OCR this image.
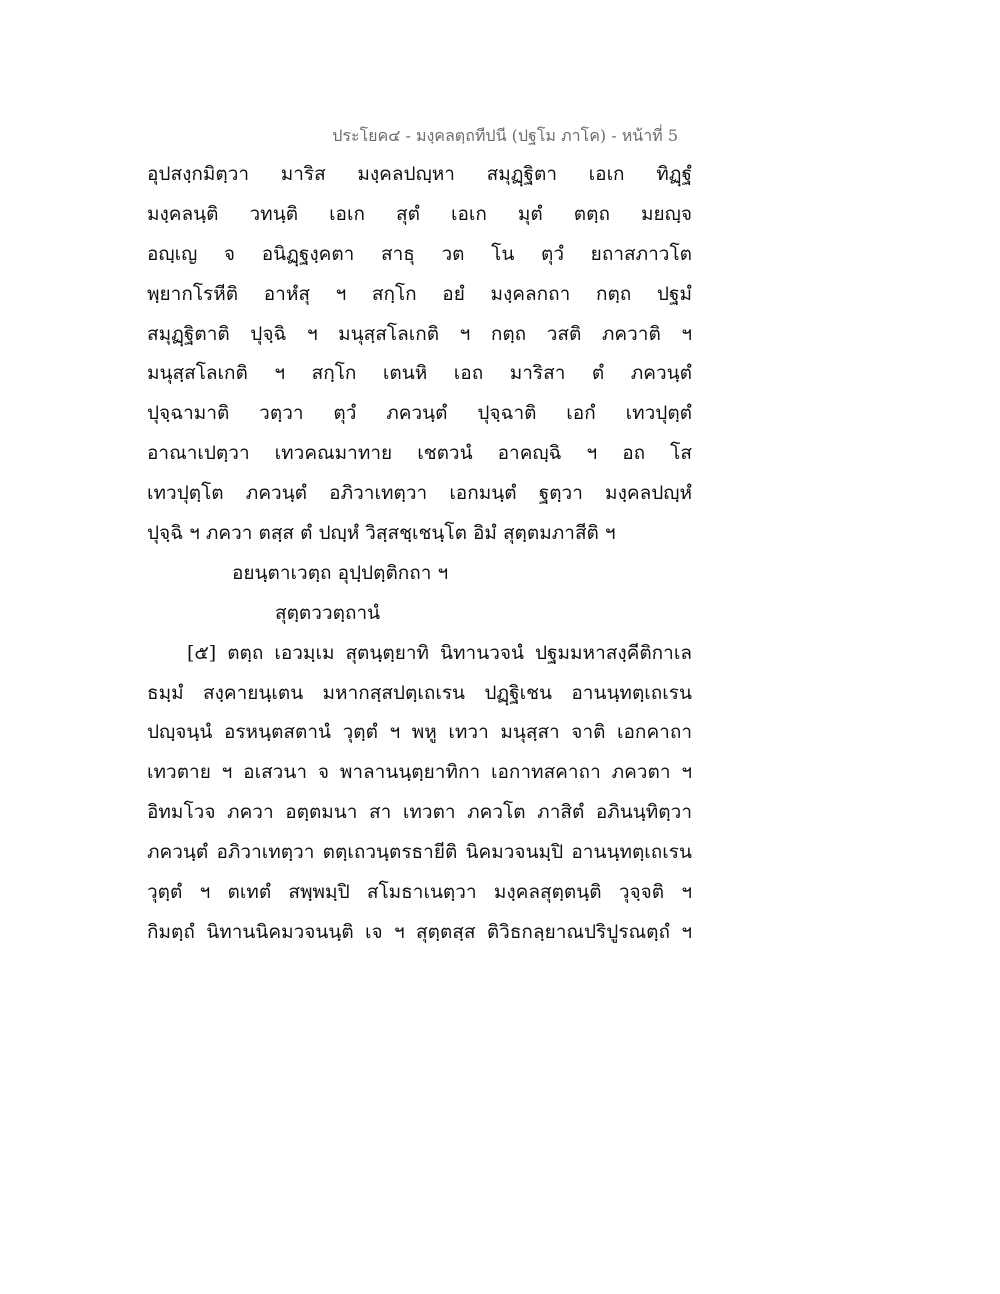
ประโยค๔ - มงฺคลตฺถทีปนี (ปฐโม ภาโค) - หน้าที่ 5
อุปสงฺกมิตฺวา มาริส มงฺคลปญฺหา สมุฏฺฐิตา เอเก ทิฏฺฐํ
มงฺคลนฺติ วทนฺติ เอเก สุตํ เอเก มุตํ ตตฺถ มยญฺจ
อญฺเญ จ อนิฏฺฐงฺคตา สาธุ วต โน ตุวํ ยถาสภาวโต
พฺยากโรหีติ อาหํสุ ฯ สกฺโก อยํ มงฺคลกถา กตฺถ ปฐมํ
สมุฏฺฐิตาติ ปุจฺฉิ ฯ มนุสฺสโลเกติ ฯ กตฺถ วสติ ภควาติ ฯ
มนุสฺสโลเกติ ฯ สกฺโก เตนหิ เอถ มาริสา ตํ ภควนฺตํ
ปุจฺฉามาติ วตฺวา ตุวํ ภควนฺตํ ปุจฺฉาติ เอกํ เทวปุตฺตํ
อาณาเปตฺวา เทวคณมาทาย เชตวนํ อาคญฺฉิ ฯ อถ โส
เทวปุตฺโต ภควนฺตํ อภิวาเทตฺวา เอกมนฺตํ ฐตฺวา มงฺคลปญฺหํ
ปุจฺฉิ ฯ ภควา ตสฺส ตํ ปญฺหํ วิสฺสชฺเชนฺโต อิมํ สุตฺตมภาสีติ ฯ
อยนฺตาเวตฺถ อุปฺปตฺติกถา ฯ
สุตฺตววตฺถานํ
[๕] ตตฺถ เอวมฺเม สุตนฺตฺยาทิ นิทานวจนํ ปฐมมหาสงฺคีติกาเล
ธมฺมํ สงฺคายนฺเตน มหากสฺสปตฺเถเรน ปฏฺฐิเชน อานนฺทตฺเถเรน
ปญฺจนฺนํ อรหนฺตสตานํ วุตฺตํ ฯ พหู เทวา มนุสฺสา จาติ เอกคาถา
เทวตาย ฯ อเสวนา จ พาลานนฺตฺยาทิกา เอกาทสคาถา ภควตา ฯ
อิทมโวจ ภควา อตฺตมนา สา เทวตา ภควโต ภาสิตํ อภินนฺทิตฺวา
ภควนฺตํ อภิวาเทตฺวา ตตฺเถวนฺตรธายีติ นิคมวจนมฺปิ อานนฺทตฺเถเรน
วุตฺตํ ฯ ตเทตํ สพฺพมฺปิ สโมธาเนตฺวา มงฺคลสุตฺตนฺติ วุจฺจติ ฯ
กิมตฺถํ นิทานนิคมวจนนฺติ เจ ฯ สุตฺตสฺส ติวิธกลฺยาณปริปูรณตฺถํ ฯ
